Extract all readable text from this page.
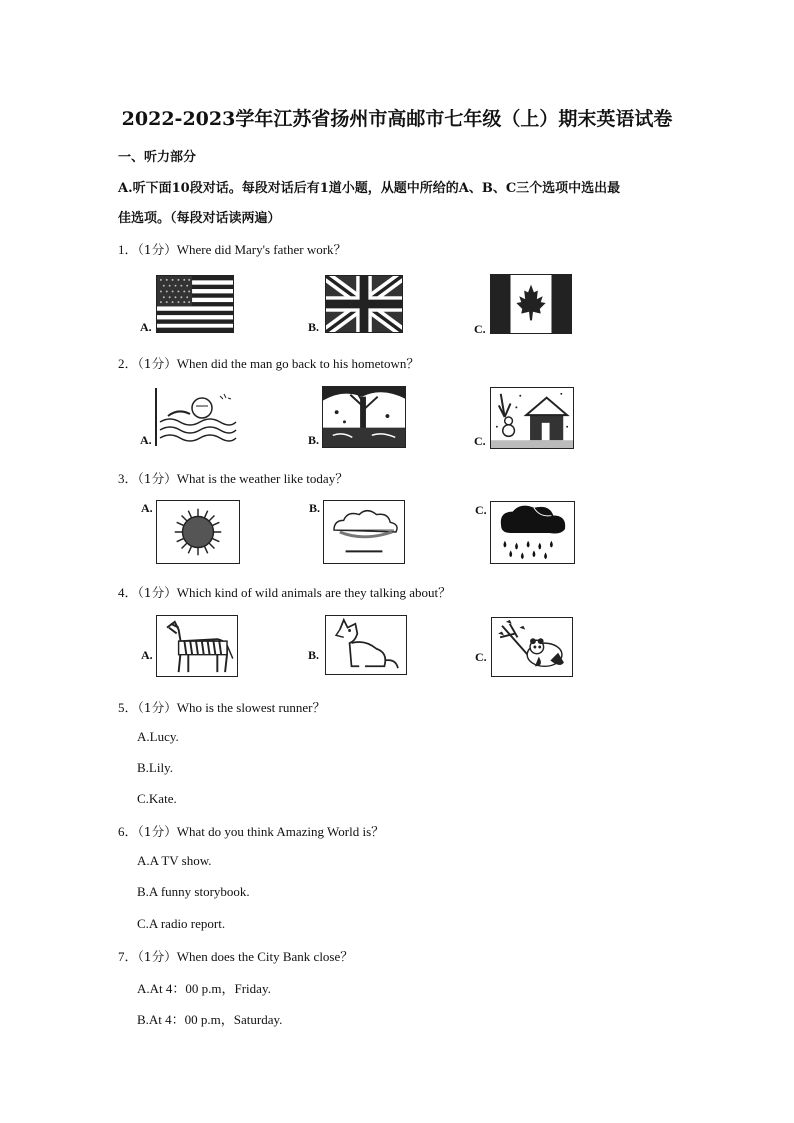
2022-2023学年江苏省扬州市高邮市七年级（上）期末英语试卷
一、听力部分
A.听下面10段对话。每段对话后有1道小题，从题中所给的A、B、C三个选项中选出最
佳选项。（每段对话读两遍）
1．（1分）Where did Mary's father work？
A.	B.	C.
2．（1分）When did the man go back to his hometown？
A.	B.	C.
3．（1分）What is the weather like today？
A.	B.	C.
4．（1分）Which kind of wild animals are they talking about？
A.	B.	C.
5．（1分）Who is the slowest runner？
A.Lucy.
B.Lily.
C.Kate.
6．（1分）What do you think Amazing World is？
A.A TV show.
B.A funny storybook.
C.A radio report.
7．（1分）When does the City Bank close？
A.At 4：00 p.m，Friday.
B.At 4：00 p.m，Saturday.
